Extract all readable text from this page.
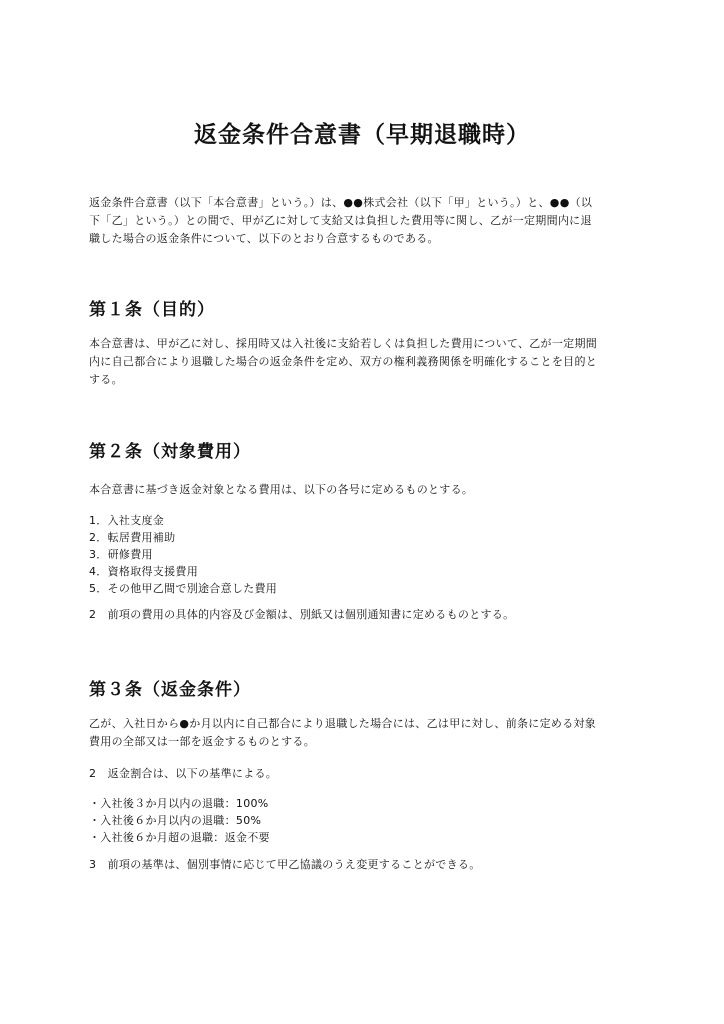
返金条件合意書（早期退職時）

返金条件合意書（以下「本合意書」という。）は、●●株式会社（以下「甲」という。）と、●●（以
下「乙」という。）との間で、甲が乙に対して支給又は負担した費用等に関し、乙が一定期間内に退
職した場合の返金条件について、以下のとおり合意するものである。

第１条（目的）

本合意書は、甲が乙に対し、採用時又は入社後に支給若しくは負担した費用について、乙が一定期間
内に自己都合により退職した場合の返金条件を定め、双方の権利義務関係を明確化することを目的と
する。

第２条（対象費用）

本合意書に基づき返金対象となる費用は、以下の各号に定めるものとする。

1．入社支度金
2．転居費用補助
3．研修費用
4．資格取得支援費用
5．その他甲乙間で別途合意した費用

2　前項の費用の具体的内容及び金額は、別紙又は個別通知書に定めるものとする。

第３条（返金条件）

乙が、入社日から●か月以内に自己都合により退職した場合には、乙は甲に対し、前条に定める対象
費用の全部又は一部を返金するものとする。

2　返金割合は、以下の基準による。

・入社後３か月以内の退職：100%
・入社後６か月以内の退職：50%
・入社後６か月超の退職：返金不要

3　前項の基準は、個別事情に応じて甲乙協議のうえ変更することができる。
